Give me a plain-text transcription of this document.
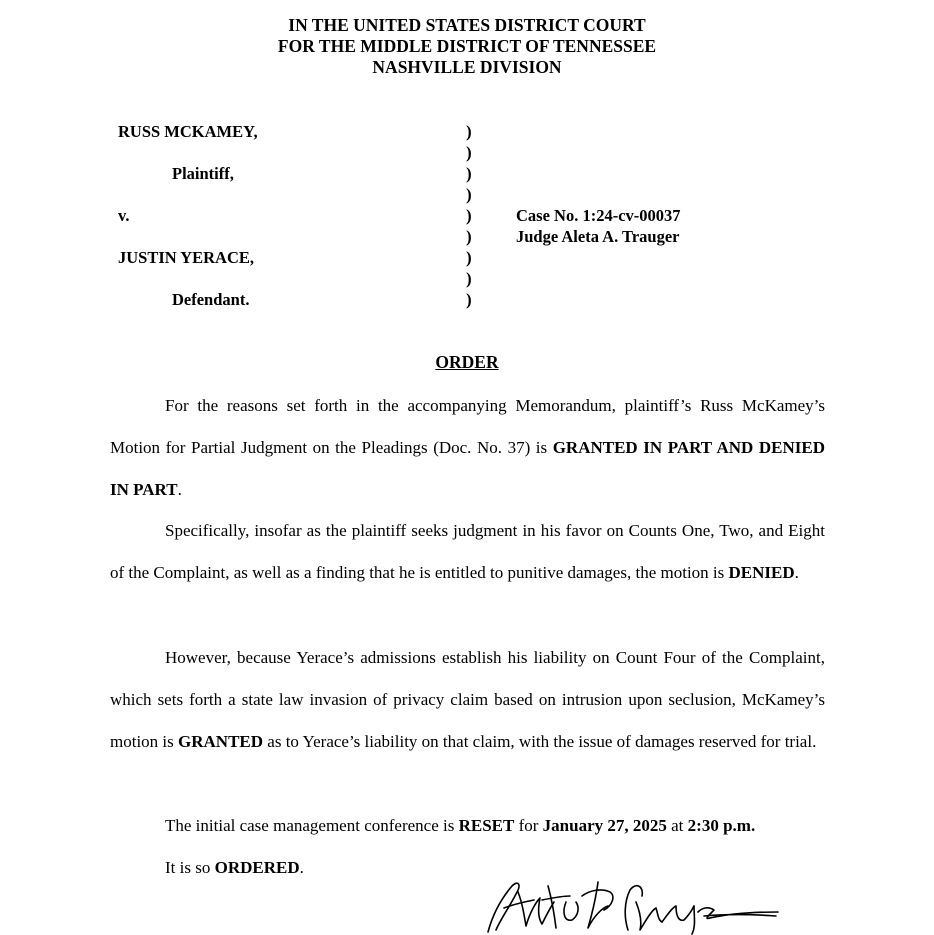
IN THE UNITED STATES DISTRICT COURT
FOR THE MIDDLE DISTRICT OF TENNESSEE
NASHVILLE DIVISION
RUSS MCKAMEY,
Plaintiff,
v.
JUSTIN YERACE,
Defendant.
)
)
)
)
)
)
)
)
)
Case No. 1:24-cv-00037
Judge Aleta A. Trauger
ORDER

For the reasons set forth in the accompanying Memorandum, plaintiff’s Russ McKamey’s Motion for Partial Judgment on the Pleadings (Doc. No. 37) is GRANTED IN PART AND DENIED IN PART.

Specifically, insofar as the plaintiff seeks judgment in his favor on Counts One, Two, and Eight of the Complaint, as well as a finding that he is entitled to punitive damages, the motion is DENIED.

However, because Yerace’s admissions establish his liability on Count Four of the Complaint, which sets forth a state law invasion of privacy claim based on intrusion upon seclusion, McKamey’s motion is GRANTED as to Yerace’s liability on that claim, with the issue of damages reserved for trial.

The initial case management conference is RESET for January 27, 2025 at 2:30 p.m.

It is so ORDERED.
